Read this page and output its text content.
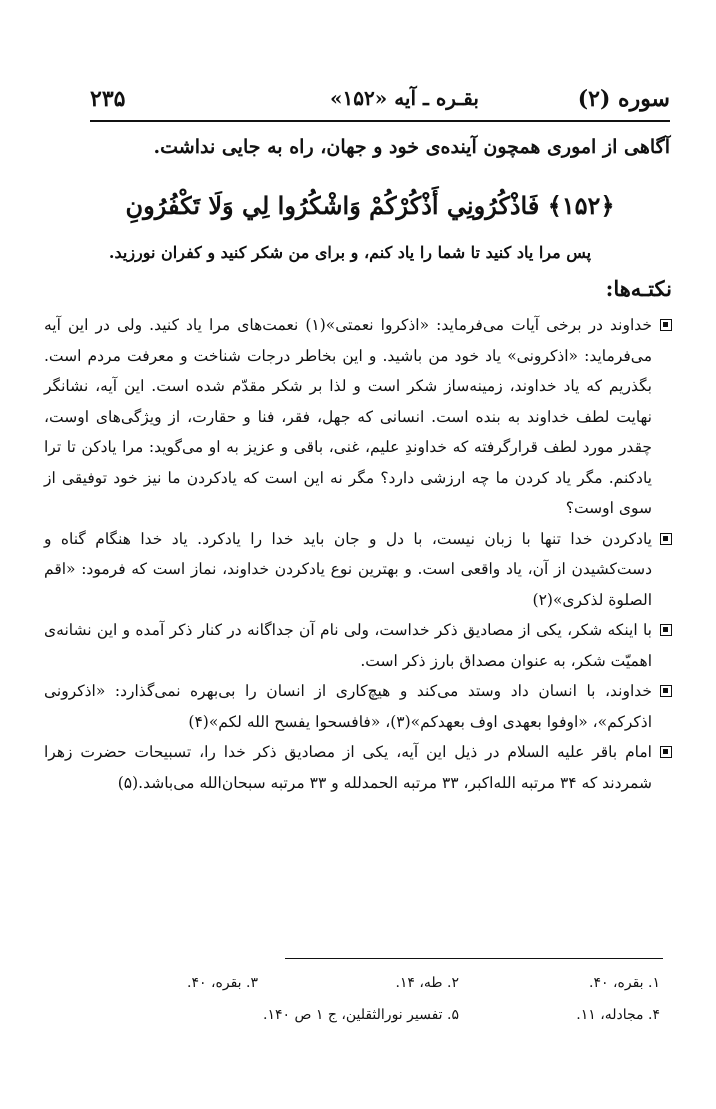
سوره (۲)
بقـره ـ آیه «۱۵۲»
۲۳۵
آگاهی از اموری همچون آینده‌ی خود و جهان، راه به جایی نداشت.
﴿۱۵۲﴾ فَاذْكُرُونِي أَذْكُرْكُمْ وَاشْكُرُوا لِي وَلَا تَكْفُرُونِ
پس مرا یاد کنید تا شما را یاد کنم، و برای من شکر کنید و کفران نورزید.
نکتـه‌ها:
خداوند در برخی آیات می‌فرماید: «اذكروا نعمتی»(۱) نعمت‌های مرا یاد کنید. ولی در این آیه می‌فرماید: «اذكرونی» یاد خود من باشید. و این بخاطر درجات شناخت و معرفت مردم است. بگذریم که یاد خداوند، زمینه‌ساز شکر است و لذا بر شکر مقدّم شده است. این آیه، نشانگر نهایت لطف خداوند به بنده است. انسانی که جهل، فقر، فنا و حقارت، از ویژگی‌های اوست، چقدر مورد لطف قرارگرفته که خداوندِ علیم، غنی، باقی و عزیز به او می‌گوید: مرا یادکن تا ترا یادکنم. مگر یاد کردن ما چه ارزشی دارد؟ مگر نه این است که یادکردن ما نیز خود توفیقی از سوی اوست؟
یادکردن خدا تنها با زبان نیست، با دل و جان باید خدا را یادکرد. یاد خدا هنگام گناه و دست‌کشیدن از آن، یاد واقعی است. و بهترین نوع یادکردن خداوند، نماز است که فرمود: «اقم الصلوة لذكری»(۲)
با اینکه شکر، یکی از مصادیق ذکر خداست، ولی نام آن جداگانه در کنار ذکر آمده و این نشانه‌ی اهمیّت شکر، به عنوان مصداق بارز ذکر است.
خداوند، با انسان داد وستد می‌کند و هیچ‌کاری از انسان را بی‌بهره نمی‌گذارد: «اذكرونی اذكركم»، «اوفوا بعهدی اوف بعهدكم»(۳)، «فافسحوا یفسح الله لكم»(۴)
امام باقر علیه السلام در ذیل این آیه، یکی از مصادیق ذکر خدا را، تسبیحات حضرت زهرا شمردند که ۳۴ مرتبه الله‌اكبر، ۳۳ مرتبه الحمدلله و ۳۳ مرتبه سبحان‌الله می‌باشد.(۵)
۱. بقره، ۴۰.
۲. طه، ۱۴.
۳. بقره، ۴۰.
۴. مجادله، ۱۱.
۵. تفسیر نورالثقلین، ج ۱ ص ۱۴۰.
